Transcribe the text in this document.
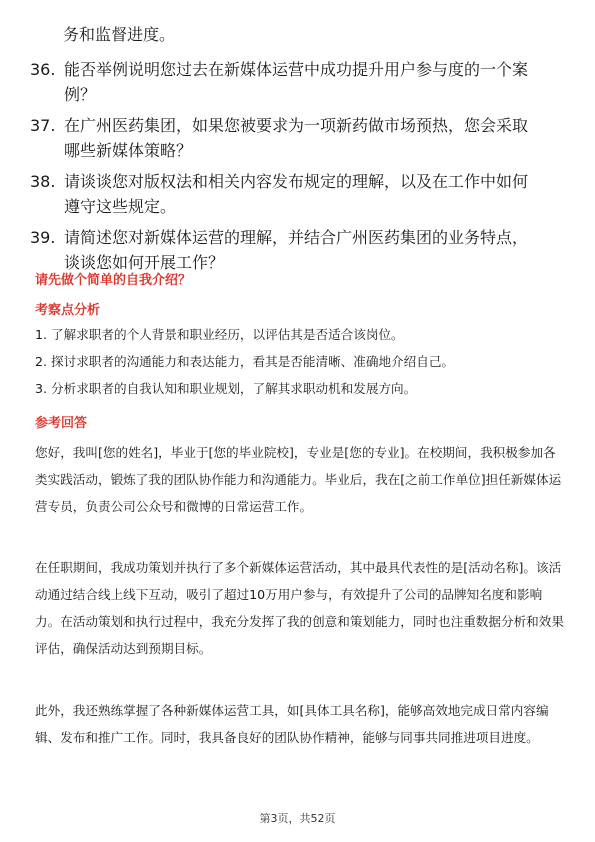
务和监督进度。

36. 能否举例说明您过去在新媒体运营中成功提升用户参与度的一个案例？
37. 在广州医药集团，如果您被要求为一项新药做市场预热，您会采取哪些新媒体策略？
38. 请谈谈您对版权法和相关内容发布规定的理解，以及在工作中如何遵守这些规定。
39. 请简述您对新媒体运营的理解，并结合广州医药集团的业务特点，谈谈您如何开展工作？
请先做个简单的自我介绍？
考察点分析
1. 了解求职者的个人背景和职业经历，以评估其是否适合该岗位。
2. 探讨求职者的沟通能力和表达能力，看其是否能清晰、准确地介绍自己。
3. 分析求职者的自我认知和职业规划，了解其求职动机和发展方向。
参考回答

您好，我叫[您的姓名]，毕业于[您的毕业院校]，专业是[您的专业]。在校期间，我积极参加各类实践活动，锻炼了我的团队协作能力和沟通能力。毕业后，我在[之前工作单位]担任新媒体运营专员，负责公司公众号和微博的日常运营工作。

在任职期间，我成功策划并执行了多个新媒体运营活动，其中最具代表性的是[活动名称]。该活动通过结合线上线下互动，吸引了超过10万用户参与，有效提升了公司的品牌知名度和影响力。在活动策划和执行过程中，我充分发挥了我的创意和策划能力，同时也注重数据分析和效果评估，确保活动达到预期目标。

此外，我还熟练掌握了各种新媒体运营工具，如[具体工具名称]，能够高效地完成日常内容编辑、发布和推广工作。同时，我具备良好的团队协作精神，能够与同事共同推进项目进度。

第3页，共52页
